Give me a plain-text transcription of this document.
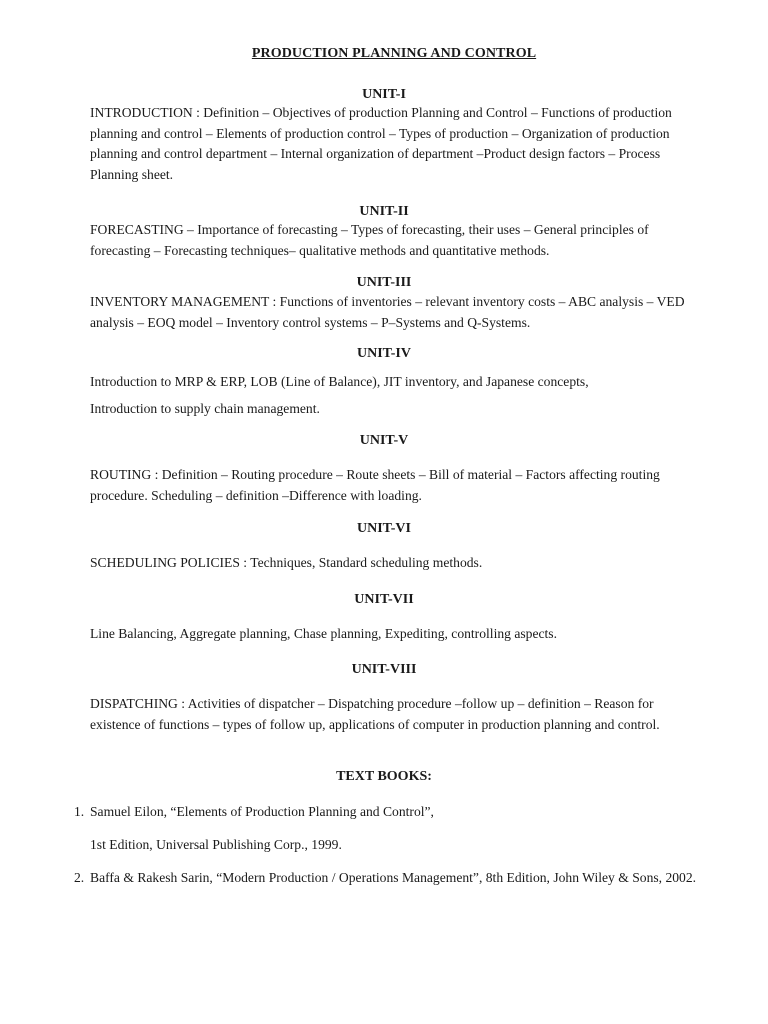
PRODUCTION PLANNING AND CONTROL
UNIT-I
INTRODUCTION : Definition – Objectives of production Planning and Control – Functions of production planning and control – Elements of production control – Types of production – Organization of production planning and control department – Internal organization of department –Product design factors – Process Planning sheet.
UNIT-II
FORECASTING – Importance of forecasting – Types of forecasting, their uses – General principles of forecasting – Forecasting techniques– qualitative methods and quantitative methods.
UNIT-III
INVENTORY MANAGEMENT : Functions of inventories – relevant inventory costs – ABC analysis – VED analysis – EOQ model – Inventory control systems – P–Systems and Q-Systems.
UNIT-IV
Introduction to MRP & ERP, LOB (Line of Balance), JIT inventory, and Japanese concepts,
Introduction to supply chain management.
UNIT-V
ROUTING : Definition – Routing procedure – Route sheets – Bill of material – Factors affecting routing procedure. Scheduling – definition –Difference with loading.
UNIT-VI
SCHEDULING POLICIES : Techniques, Standard scheduling methods.
UNIT-VII
Line Balancing, Aggregate planning, Chase planning, Expediting, controlling aspects.
UNIT-VIII
DISPATCHING : Activities of dispatcher – Dispatching procedure –follow up – definition – Reason for existence of functions – types of follow up, applications of computer in production planning and control.
TEXT BOOKS:
1. Samuel Eilon, “Elements of Production Planning and Control”,
1st Edition, Universal Publishing Corp., 1999.
2. Baffa & Rakesh Sarin, “Modern Production / Operations Management”, 8th Edition, John Wiley & Sons, 2002.
